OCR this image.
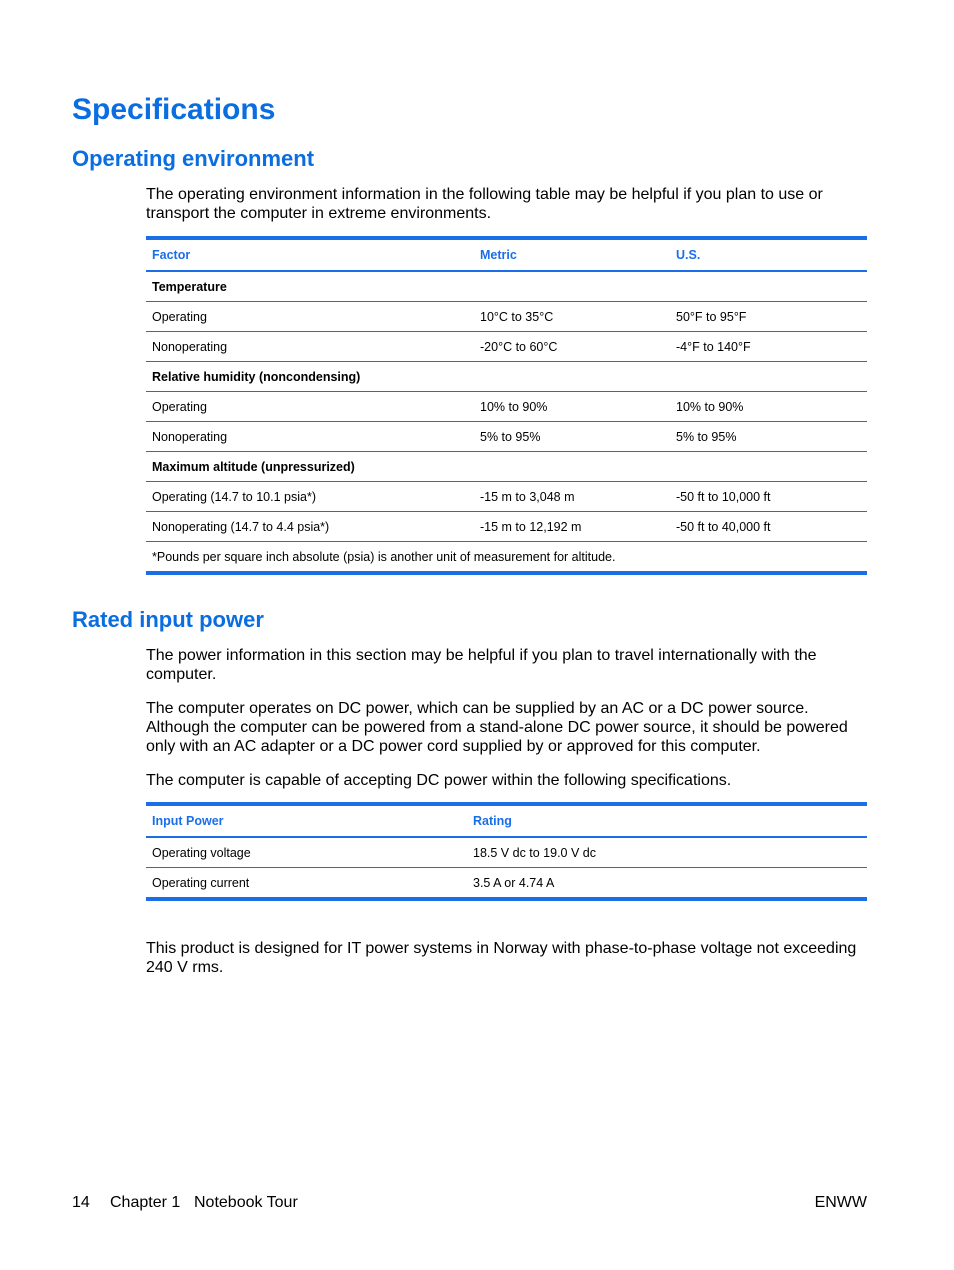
Specifications
Operating environment

The operating environment information in the following table may be helpful if you plan to use or transport the computer in extreme environments.

Factor	Metric	U.S.
Temperature		
Operating	10°C to 35°C	50°F to 95°F
Nonoperating	-20°C to 60°C	-4°F to 140°F
Relative humidity (noncondensing)		
Operating	10% to 90%	10% to 90%
Nonoperating	5% to 95%	5% to 95%
Maximum altitude (unpressurized)		
Operating (14.7 to 10.1 psia*)	-15 m to 3,048 m	-50 ft to 10,000 ft
Nonoperating (14.7 to 4.4 psia*)	-15 m to 12,192 m	-50 ft to 40,000 ft
*Pounds per square inch absolute (psia) is another unit of measurement for altitude.		
Rated input power

The power information in this section may be helpful if you plan to travel internationally with the computer.

The computer operates on DC power, which can be supplied by an AC or a DC power source. Although the computer can be powered from a stand-alone DC power source, it should be powered only with an AC adapter or a DC power cord supplied by or approved for this computer.

The computer is capable of accepting DC power within the following specifications.

Input Power	Rating
Operating voltage	18.5 V dc to 19.0 V dc
Operating current	3.5 A or 4.74 A

This product is designed for IT power systems in Norway with phase-to-phase voltage not exceeding 240 V rms.

14 Chapter 1 Notebook Tour	ENWW
